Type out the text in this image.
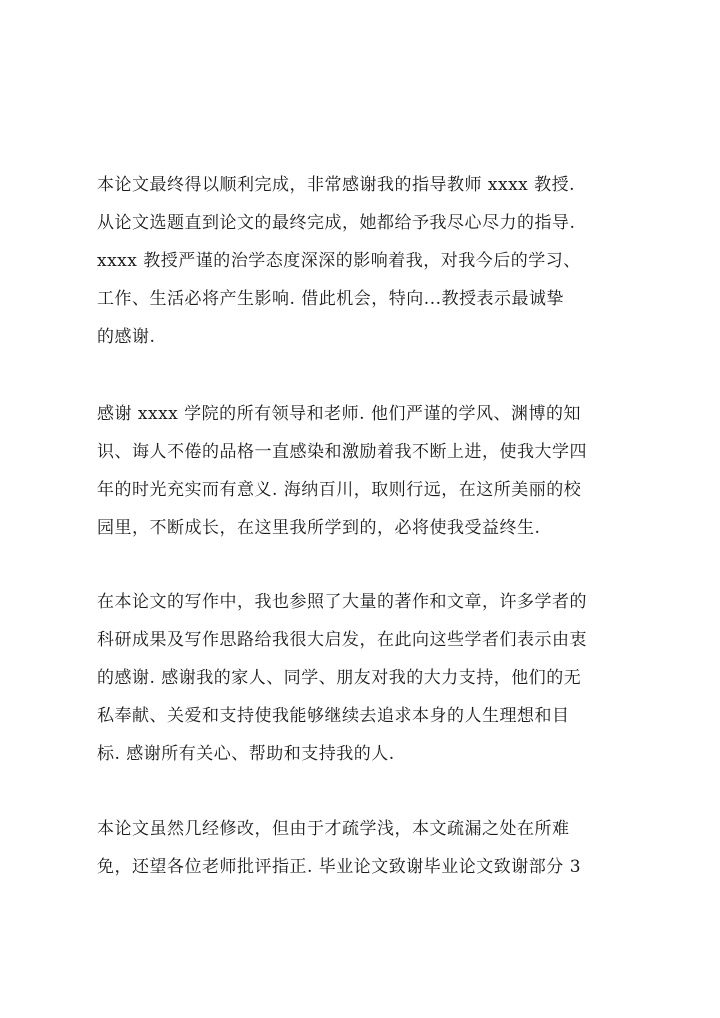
本论文最终得以顺利完成，非常感谢我的指导教师 xxxx 教授.
从论文选题直到论文的最终完成，她都给予我尽心尽力的指导.
xxxx 教授严谨的治学态度深深的影响着我，对我今后的学习、
工作、生活必将产生影响. 借此机会，特向...教授表示最诚挚
的感谢.
感谢 xxxx 学院的所有领导和老师. 他们严谨的学风、渊博的知
识、诲人不倦的品格一直感染和激励着我不断上进，使我大学四
年的时光充实而有意义. 海纳百川，取则行远，在这所美丽的校
园里，不断成长，在这里我所学到的，必将使我受益终生.
在本论文的写作中，我也参照了大量的著作和文章，许多学者的
科研成果及写作思路给我很大启发，在此向这些学者们表示由衷
的感谢. 感谢我的家人、同学、朋友对我的大力支持，他们的无
私奉献、关爱和支持使我能够继续去追求本身的人生理想和目
标. 感谢所有关心、帮助和支持我的人.
本论文虽然几经修改，但由于才疏学浅，本文疏漏之处在所难
免，还望各位老师批评指正. 毕业论文致谢毕业论文致谢部分 3
